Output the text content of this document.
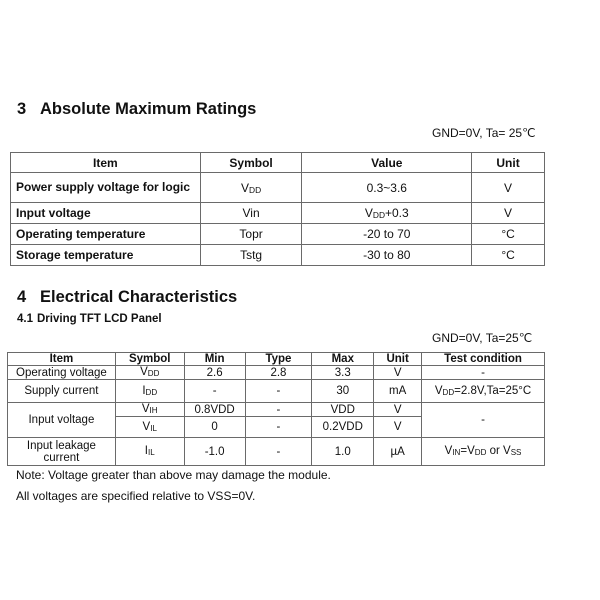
3 Absolute Maximum Ratings
GND=0V, Ta= 25℃
Item	Symbol	Value	Unit
Power supply voltage for logic	VDD	0.3~3.6	V
Input voltage	Vin	VDD+0.3	V
Operating temperature	Topr	-20 to 70	°C
Storage temperature	Tstg	-30 to 80	°C
4 Electrical Characteristics
4.1 Driving TFT LCD Panel
GND=0V, Ta=25℃
Item	Symbol	Min	Type	Max	Unit	Test condition
Operating voltage	VDD	2.6	2.8	3.3	V	-
Supply current	IDD	-	-	30	mA	VDD=2.8V,Ta=25°C
Input voltage	VIH	0.8VDD	-	VDD	V	-
	VIL	0	-	0.2VDD	V	
Input leakage current	IIL	-1.0	-	1.0	µA	VIN=VDD or VSS
Note: Voltage greater than above may damage the module.
All voltages are specified relative to VSS=0V.
